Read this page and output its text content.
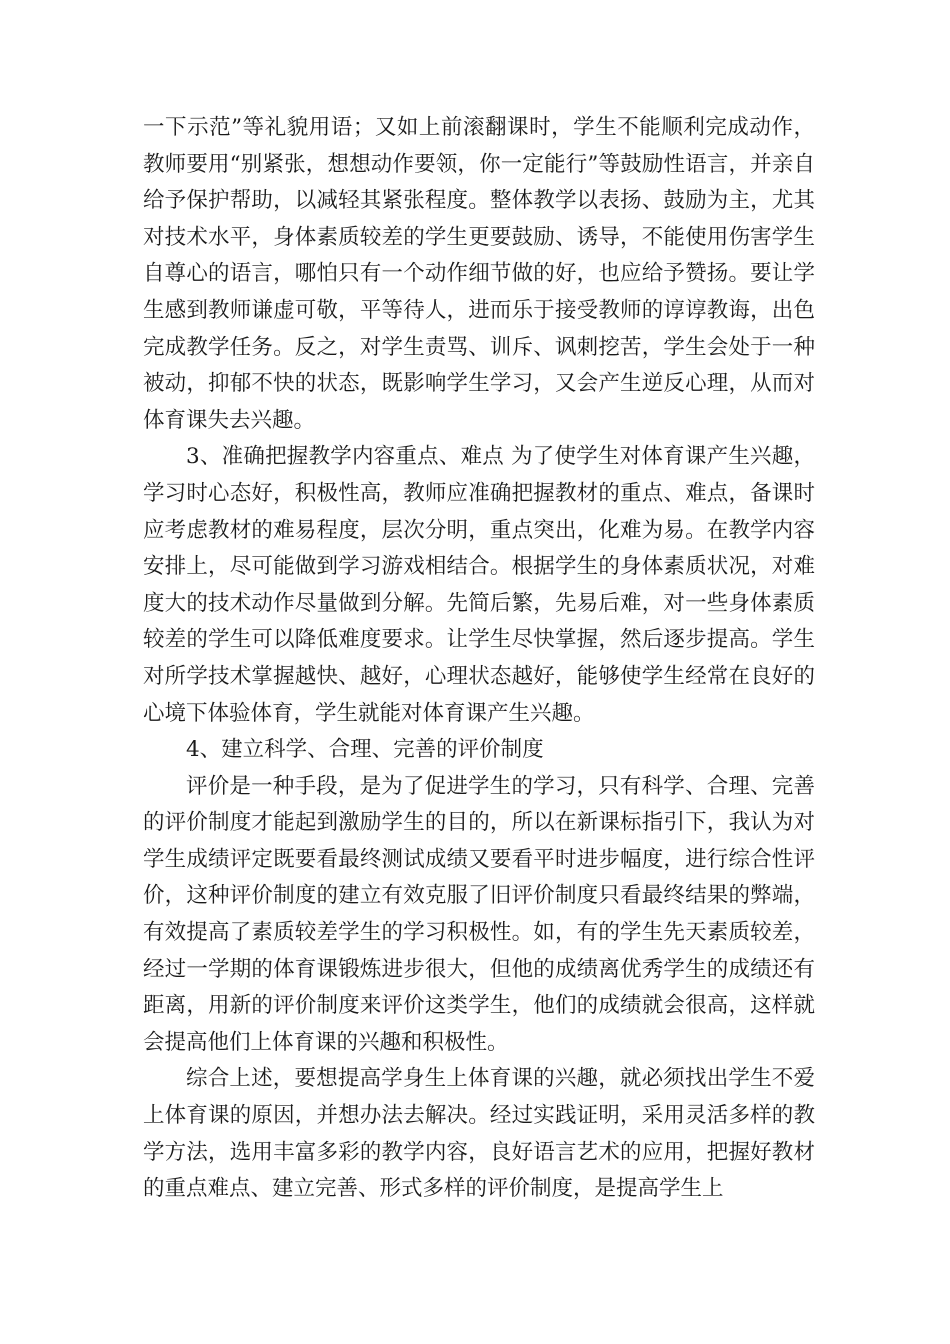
一下示范”等礼貌用语；又如上前滚翻课时，学生不能顺利完成动作，教师要用“别紧张，想想动作要领，你一定能行”等鼓励性语言，并亲自给予保护帮助，以减轻其紧张程度。整体教学以表扬、鼓励为主，尤其对技术水平，身体素质较差的学生更要鼓励、诱导，不能使用伤害学生自尊心的语言，哪怕只有一个动作细节做的好，也应给予赞扬。要让学生感到教师谦虚可敬，平等待人，进而乐于接受教师的谆谆教诲，出色完成教学任务。反之，对学生责骂、训斥、讽刺挖苦，学生会处于一种被动，抑郁不快的状态，既影响学生学习，又会产生逆反心理，从而对体育课失去兴趣。

3、准确把握教学内容重点、难点 为了使学生对体育课产生兴趣，学习时心态好，积极性高，教师应准确把握教材的重点、难点，备课时应考虑教材的难易程度，层次分明，重点突出，化难为易。在教学内容安排上，尽可能做到学习游戏相结合。根据学生的身体素质状况，对难度大的技术动作尽量做到分解。先简后繁，先易后难，对一些身体素质较差的学生可以降低难度要求。让学生尽快掌握，然后逐步提高。学生对所学技术掌握越快、越好，心理状态越好，能够使学生经常在良好的心境下体验体育，学生就能对体育课产生兴趣。

4、建立科学、合理、完善的评价制度

评价是一种手段，是为了促进学生的学习，只有科学、合理、完善的评价制度才能起到激励学生的目的，所以在新课标指引下，我认为对学生成绩评定既要看最终测试成绩又要看平时进步幅度，进行综合性评价，这种评价制度的建立有效克服了旧评价制度只看最终结果的弊端，有效提高了素质较差学生的学习积极性。如，有的学生先天素质较差，经过一学期的体育课锻炼进步很大，但他的成绩离优秀学生的成绩还有距离，用新的评价制度来评价这类学生，他们的成绩就会很高，这样就会提高他们上体育课的兴趣和积极性。

综合上述，要想提高学身生上体育课的兴趣，就必须找出学生不爱上体育课的原因，并想办法去解决。经过实践证明，采用灵活多样的教学方法，选用丰富多彩的教学内容，良好语言艺术的应用，把握好教材的重点难点、建立完善、形式多样的评价制度，是提高学生上
